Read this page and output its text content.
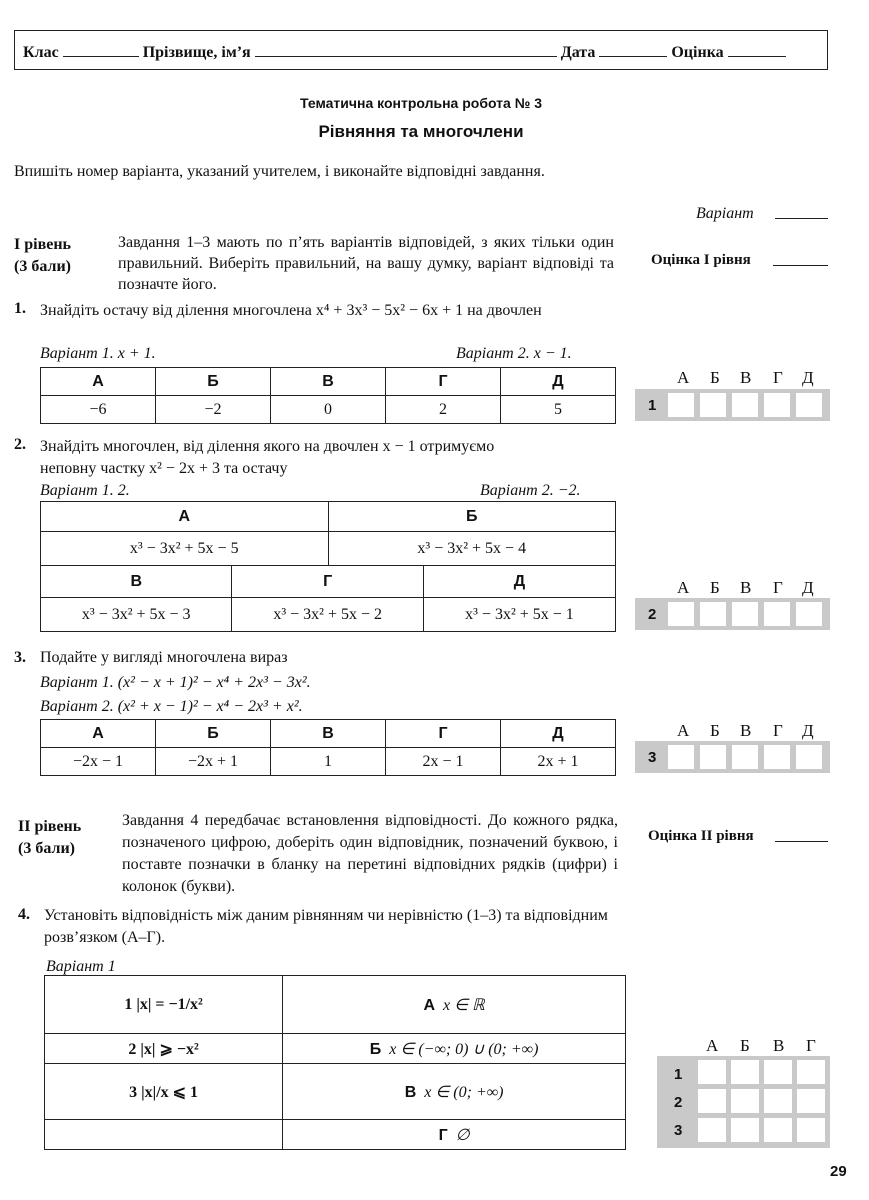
Клас	Прізвище, ім’я	Дата	Оцінка
Тематична контрольна робота № 3
Рівняння та многочлени
Впишіть номер варіанта, указаний учителем, і виконайте відповідні завдання.
Варіант
І рівень
(3 бали)
Завдання 1–3 мають по п’ять варіантів відповідей, з яких тільки один правильний. Виберіть правильний, на вашу думку, варіант відповіді та позначте його.
Оцінка І рівня
1. Знайдіть остачу від ділення многочлена x⁴ + 3x³ − 5x² − 6x + 1 на двочлен
Варіант 1. x + 1.	Варіант 2. x − 1.
А	Б	В	Г	Д
−6	−2	0	2	5
А Б В Г Д
1
2. Знайдіть многочлен, від ділення якого на двочлен x − 1 отримуємо
неповну частку x² − 2x + 3 та остачу
Варіант 1. 2.	Варіант 2. −2.
А	Б
x³ − 3x² + 5x − 5	x³ − 3x² + 5x − 4
В	Г	Д
x³ − 3x² + 5x − 3	x³ − 3x² + 5x − 2	x³ − 3x² + 5x − 1
А Б В Г Д
2
3. Подайте у вигляді многочлена вираз
Варіант 1. (x² − x + 1)² − x⁴ + 2x³ − 3x².
Варіант 2. (x² + x − 1)² − x⁴ − 2x³ + x².
А	Б	В	Г	Д
−2x − 1	−2x + 1	1	2x − 1	2x + 1
А Б В Г Д
3
ІІ рівень
(3 бали)
Завдання 4 передбачає встановлення відповідності. До кожного рядка, позначеного цифрою, доберіть один відповідник, позначений буквою, і поставте позначки в бланку на перетині відповідних рядків (цифри) і колонок (букви).
Оцінка ІІ рівня
4. Установіть відповідність між даним рівнянням чи нерівністю (1–3) та відповідним розв’язком (А–Г).
Варіант 1
1 |x| = −1/x²	А x ∈ ℝ
2 |x| ⩾ −x²	Б x ∈ (−∞; 0) ∪ (0; +∞)
3 |x|/x ⩽ 1	В x ∈ (0; +∞)
	Г ∅
А Б В Г
1
2
3
29
